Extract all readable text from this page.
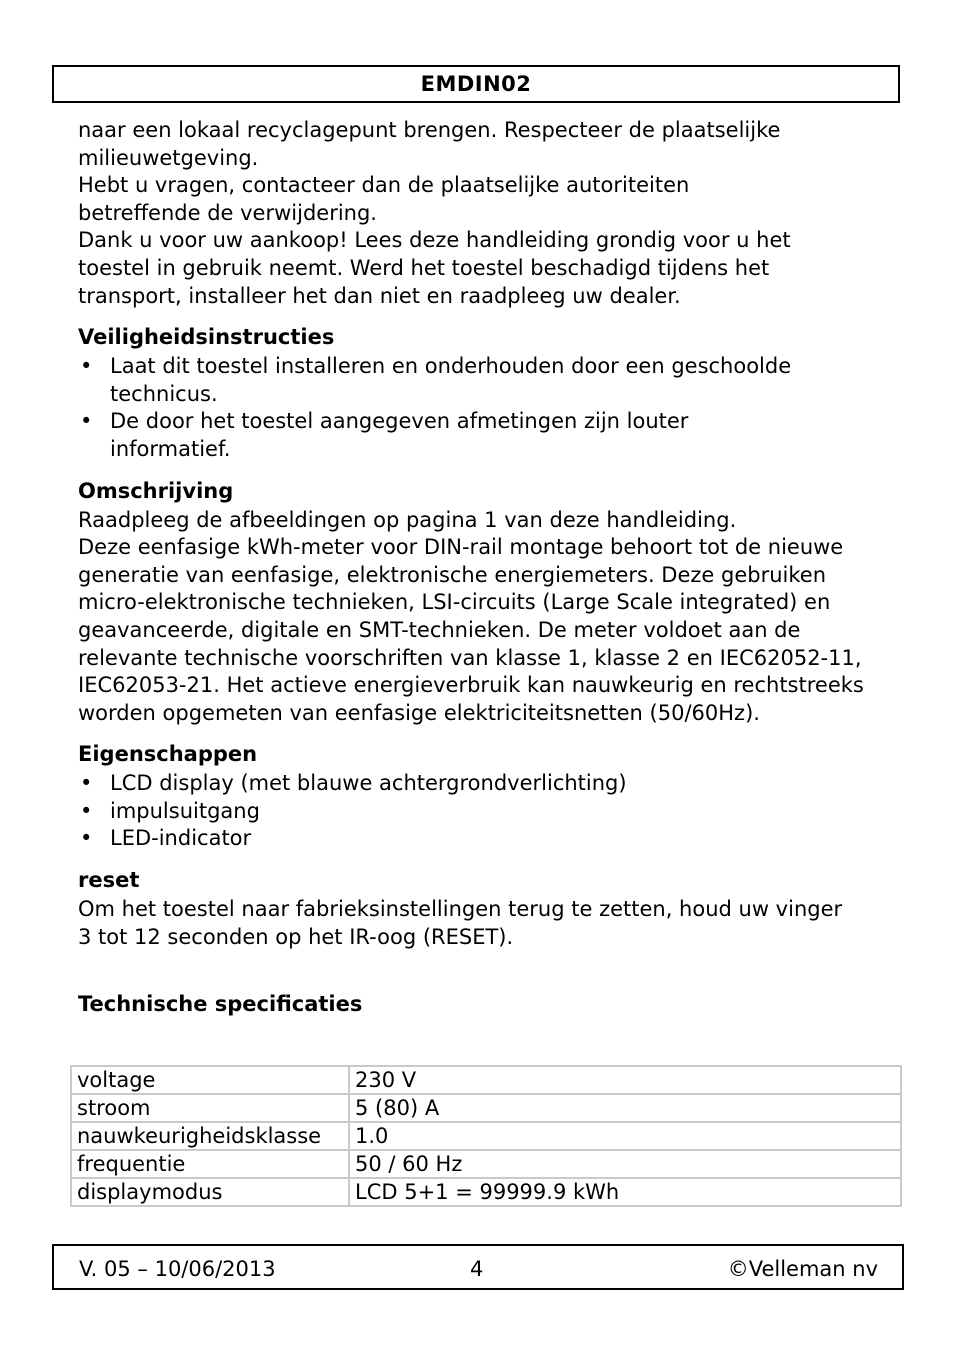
EMDIN02

naar een lokaal recyclagepunt brengen. Respecteer de plaatselijke milieuwetgeving.

Hebt u vragen, contacteer dan de plaatselijke autoriteiten betreffende de verwijdering.

Dank u voor uw aankoop! Lees deze handleiding grondig voor u het toestel in gebruik neemt. Werd het toestel beschadigd tijdens het transport, installeer het dan niet en raadpleeg uw dealer.

Veiligheidsinstructies
• Laat dit toestel installeren en onderhouden door een geschoolde technicus.
• De door het toestel aangegeven afmetingen zijn louter informatief.
Omschrijving

Raadpleeg de afbeeldingen op pagina 1 van deze handleiding.

Deze eenfasige kWh-meter voor DIN-rail montage behoort tot de nieuwe generatie van eenfasige, elektronische energiemeters. Deze gebruiken micro-elektronische technieken, LSI-circuits (Large Scale integrated) en geavanceerde, digitale en SMT-technieken. De meter voldoet aan de relevante technische voorschriften van klasse 1, klasse 2 en IEC62052-11, IEC62053-21. Het actieve energieverbruik kan nauwkeurig en rechtstreeks worden opgemeten van eenfasige elektriciteitsnetten (50/60Hz).

Eigenschappen
• LCD display (met blauwe achtergrondverlichting)
• impulsuitgang
• LED-indicator
reset

Om het toestel naar fabrieksinstellingen terug te zetten, houd uw vinger 3 tot 12 seconden op het IR-oog (RESET).

Technische specificaties
voltage	230 V
stroom	5 (80) A
nauwkeurigheidsklasse	1.0
frequentie	50 / 60 Hz
displaymodus	LCD 5+1 = 99999.9 kWh
V. 05 – 10/06/2013	4	©Velleman nv
